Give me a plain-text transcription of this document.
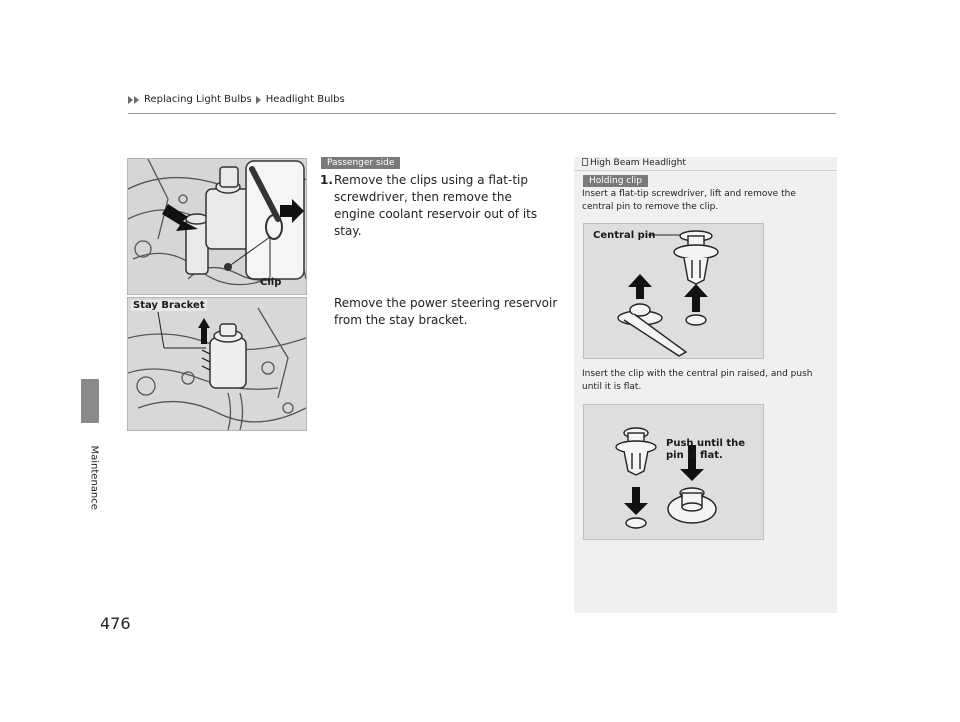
Replacing Light Bulbs Headlight Bulbs
Maintenance
476
Clip
Stay Bracket
Passenger side
1. Remove the clips using a flat-tip screwdriver, then remove the engine coolant reservoir out of its stay.
Remove the power steering reservoir from the stay bracket.
High Beam Headlight
Holding clip
Insert a flat-tip screwdriver, lift and remove the central pin to remove the clip.
Central pin
Insert the clip with the central pin raised, and push until it is flat.
Push until the
pin is flat.
